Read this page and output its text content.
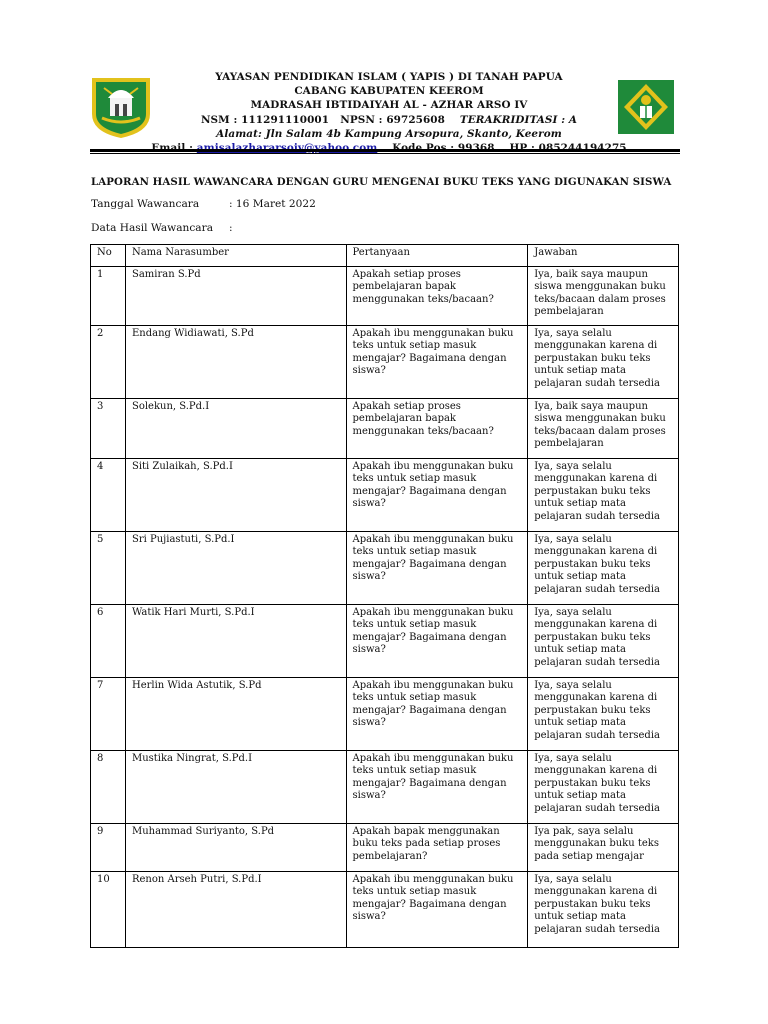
YAYASAN PENDIDIKAN ISLAM ( YAPIS ) DI TANAH PAPUA
CABANG KABUPATEN KEEROM
MADRASAH IBTIDAIYAH AL - AZHAR ARSO IV
NSM : 111291110001 NPSN : 69725608 TERAKRIDITASI : A
Alamat: Jln Salam 4b Kampung Arsopura, Skanto, Keerom

LAPORAN HASIL WAWANCARA DENGAN GURU MENGENAI BUKU TEKS YANG DIGUNAKAN SISWA
Tanggal Wawancara	: 16 Maret 2022
Data Hasil Wawancara :
No	Nama Narasumber	Pertanyaan	Jawaban
1	Samiran S.Pd	Apakah setiap proses pembelajaran bapak menggunakan teks/bacaan?	Iya, baik saya maupun siswa menggunakan buku teks/bacaan dalam proses pembelajaran
2	Endang Widiawati, S.Pd	Apakah ibu menggunakan buku teks untuk setiap masuk mengajar? Bagaimana dengan siswa?	Iya, saya selalu menggunakan karena di perpustakan buku teks untuk setiap mata pelajaran sudah tersedia
3	Solekun, S.Pd.I	Apakah setiap proses pembelajaran bapak menggunakan teks/bacaan?	Iya, baik saya maupun siswa menggunakan buku teks/bacaan dalam proses pembelajaran
4	Siti Zulaikah, S.Pd.I	Apakah ibu menggunakan buku teks untuk setiap masuk mengajar? Bagaimana dengan siswa?	Iya, saya selalu menggunakan karena di perpustakan buku teks untuk setiap mata pelajaran sudah tersedia
5	Sri Pujiastuti, S.Pd.I	Apakah ibu menggunakan buku teks untuk setiap masuk mengajar? Bagaimana dengan siswa?	Iya, saya selalu menggunakan karena di perpustakan buku teks untuk setiap mata pelajaran sudah tersedia
6	Watik Hari Murti, S.Pd.I	Apakah ibu menggunakan buku teks untuk setiap masuk mengajar? Bagaimana dengan siswa?	Iya, saya selalu menggunakan karena di perpustakan buku teks untuk setiap mata pelajaran sudah tersedia
7	Herlin Wida Astutik, S.Pd	Apakah ibu menggunakan buku teks untuk setiap masuk mengajar? Bagaimana dengan siswa?	Iya, saya selalu menggunakan karena di perpustakan buku teks untuk setiap mata pelajaran sudah tersedia
8	Mustika Ningrat, S.Pd.I	Apakah ibu menggunakan buku teks untuk setiap masuk mengajar? Bagaimana dengan siswa?	Iya, saya selalu menggunakan karena di perpustakan buku teks untuk setiap mata pelajaran sudah tersedia
9	Muhammad Suriyanto, S.Pd	Apakah bapak menggunakan buku teks pada setiap proses pembelajaran?	Iya pak, saya selalu menggunakan buku teks pada setiap mengajar
10	Renon Arseh Putri, S.Pd.I	Apakah ibu menggunakan buku teks untuk setiap masuk mengajar? Bagaimana dengan siswa?	Iya, saya selalu menggunakan karena di perpustakan buku teks untuk setiap mata pelajaran sudah tersedia
